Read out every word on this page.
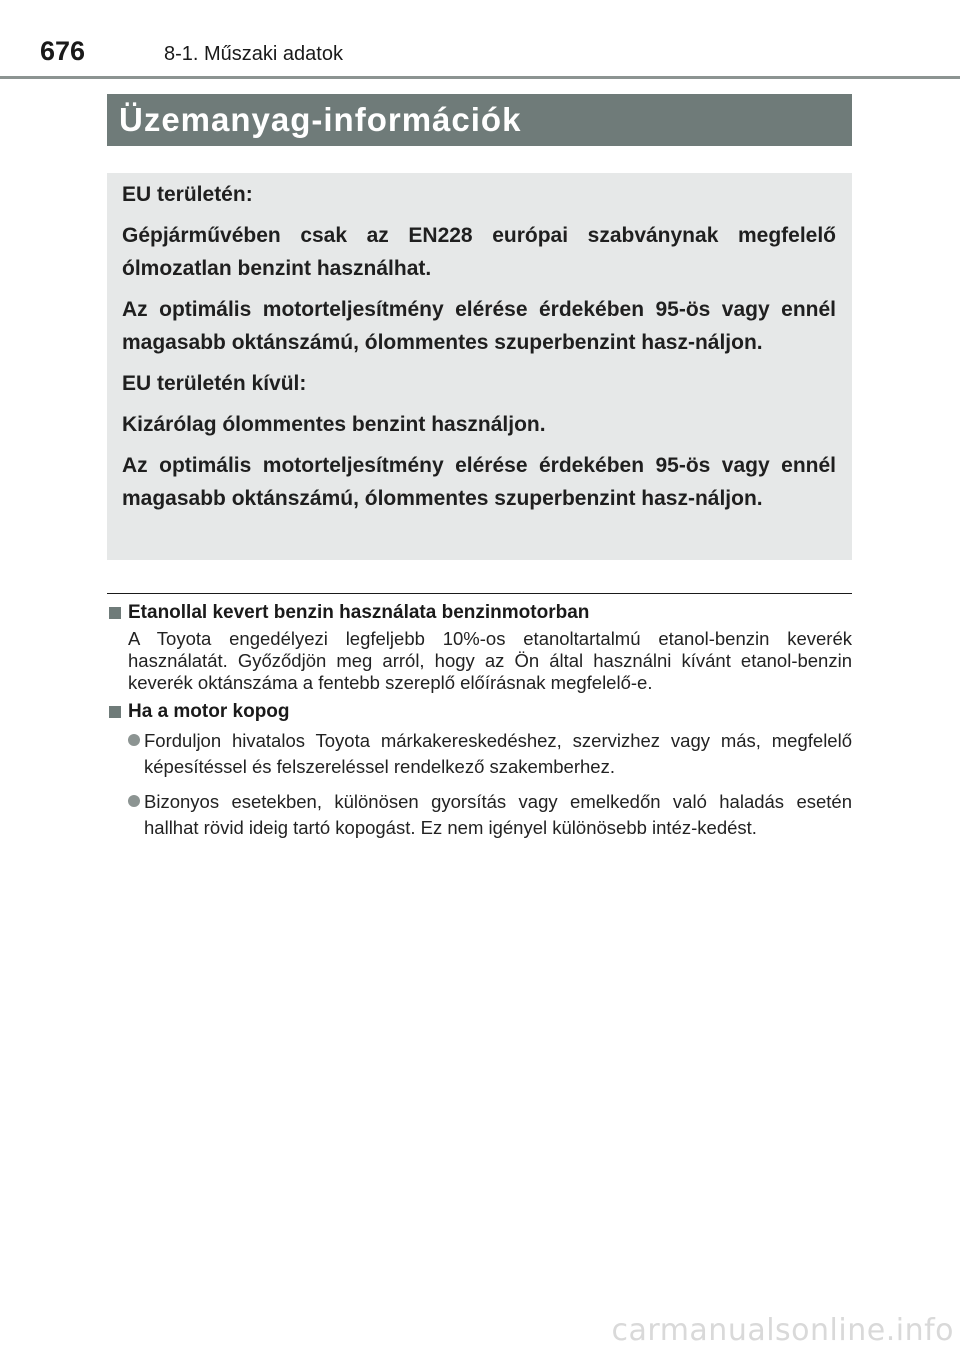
676	8-1. Műszaki adatok
Üzemanyag-információk

EU területén:

Gépjárművében csak az EN228 európai szabványnak megfelelő ólmozatlan benzint használhat.

Az optimális motorteljesítmény elérése érdekében 95-ös vagy ennél magasabb oktánszámú, ólommentes szuperbenzint hasz-náljon.

EU területén kívül:

Kizárólag ólommentes benzint használjon.

Az optimális motorteljesítmény elérése érdekében 95-ös vagy ennél magasabb oktánszámú, ólommentes szuperbenzint hasz-náljon.

Etanollal kevert benzin használata benzinmotorban
A Toyota engedélyezi legfeljebb 10%-os etanoltartalmú etanol-benzin keverék használatát. Győződjön meg arról, hogy az Ön által használni kívánt etanol-benzin keverék oktánszáma a fentebb szereplő előírásnak megfelelő-e.
Ha a motor kopog
Forduljon hivatalos Toyota márkakereskedéshez, szervizhez vagy más, megfelelő képesítéssel és felszereléssel rendelkező szakemberhez.
Bizonyos esetekben, különösen gyorsítás vagy emelkedőn való haladás esetén hallhat rövid ideig tartó kopogást. Ez nem igényel különösebb intéz-kedést.
carmanualsonline.info
